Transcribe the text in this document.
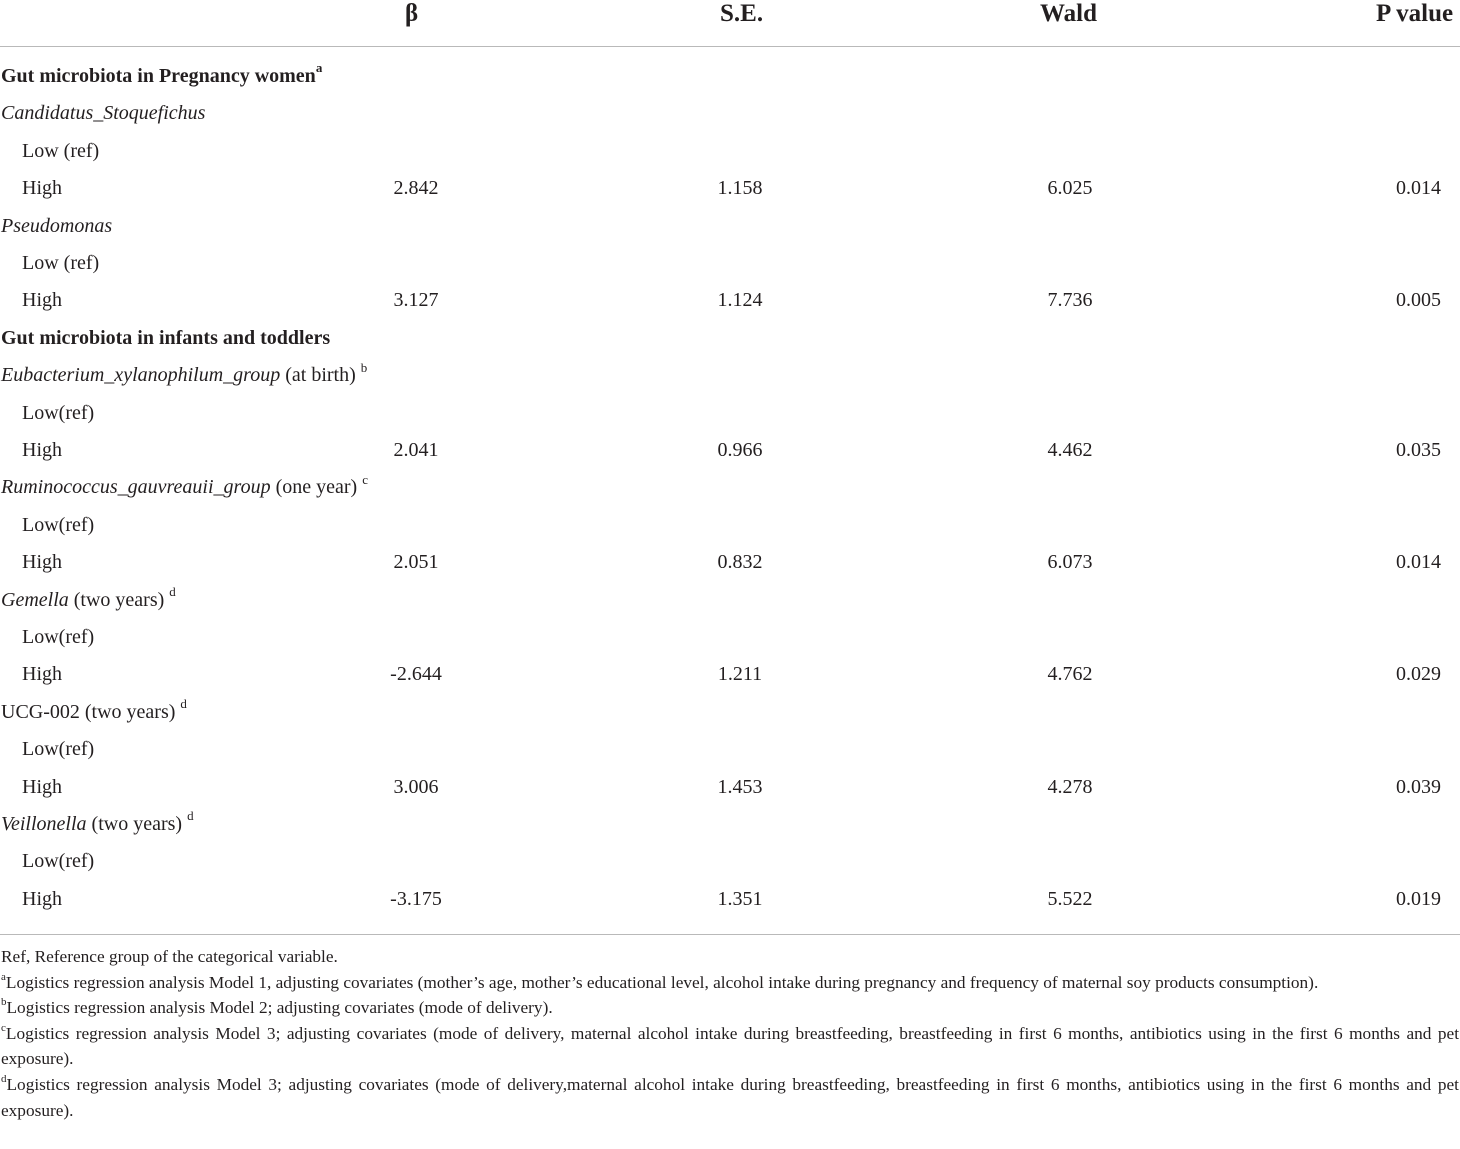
β	S.E.	Wald	P value
Gut microbiota in Pregnancy women$^a$
Candidatus_Stoquefichus
Low (ref)
High	2.842	1.158	6.025	0.014
Pseudomonas
Low (ref)
High	3.127	1.124	7.736	0.005
Gut microbiota in infants and toddlers
Eubacterium_xylanophilum_group (at birth) $^b$
Low(ref)
High	2.041	0.966	4.462	0.035
Ruminococcus_gauvreauii_group (one year) $^c$
Low(ref)
High	2.051	0.832	6.073	0.014
Gemella (two years) $^d$
Low(ref)
High	-2.644	1.211	4.762	0.029
UCG-002 (two years) $^d$
Low(ref)
High	3.006	1.453	4.278	0.039
Veillonella (two years) $^d$
Low(ref)
High	-3.175	1.351	5.522	0.019

Ref, Reference group of the categorical variable.

$^a$Logistics regression analysis Model 1, adjusting covariates (mother’s age, mother’s educational level, alcohol intake during pregnancy and frequency of maternal soy products consumption).

$^b$Logistics regression analysis Model 2; adjusting covariates (mode of delivery).

$^c$Logistics regression analysis Model 3; adjusting covariates (mode of delivery, maternal alcohol intake during breastfeeding, breastfeeding in first 6 months, antibiotics using in the first 6 months and pet exposure).

$^d$Logistics regression analysis Model 3; adjusting covariates (mode of delivery,maternal alcohol intake during breastfeeding, breastfeeding in first 6 months, antibiotics using in the first 6 months and pet exposure).
